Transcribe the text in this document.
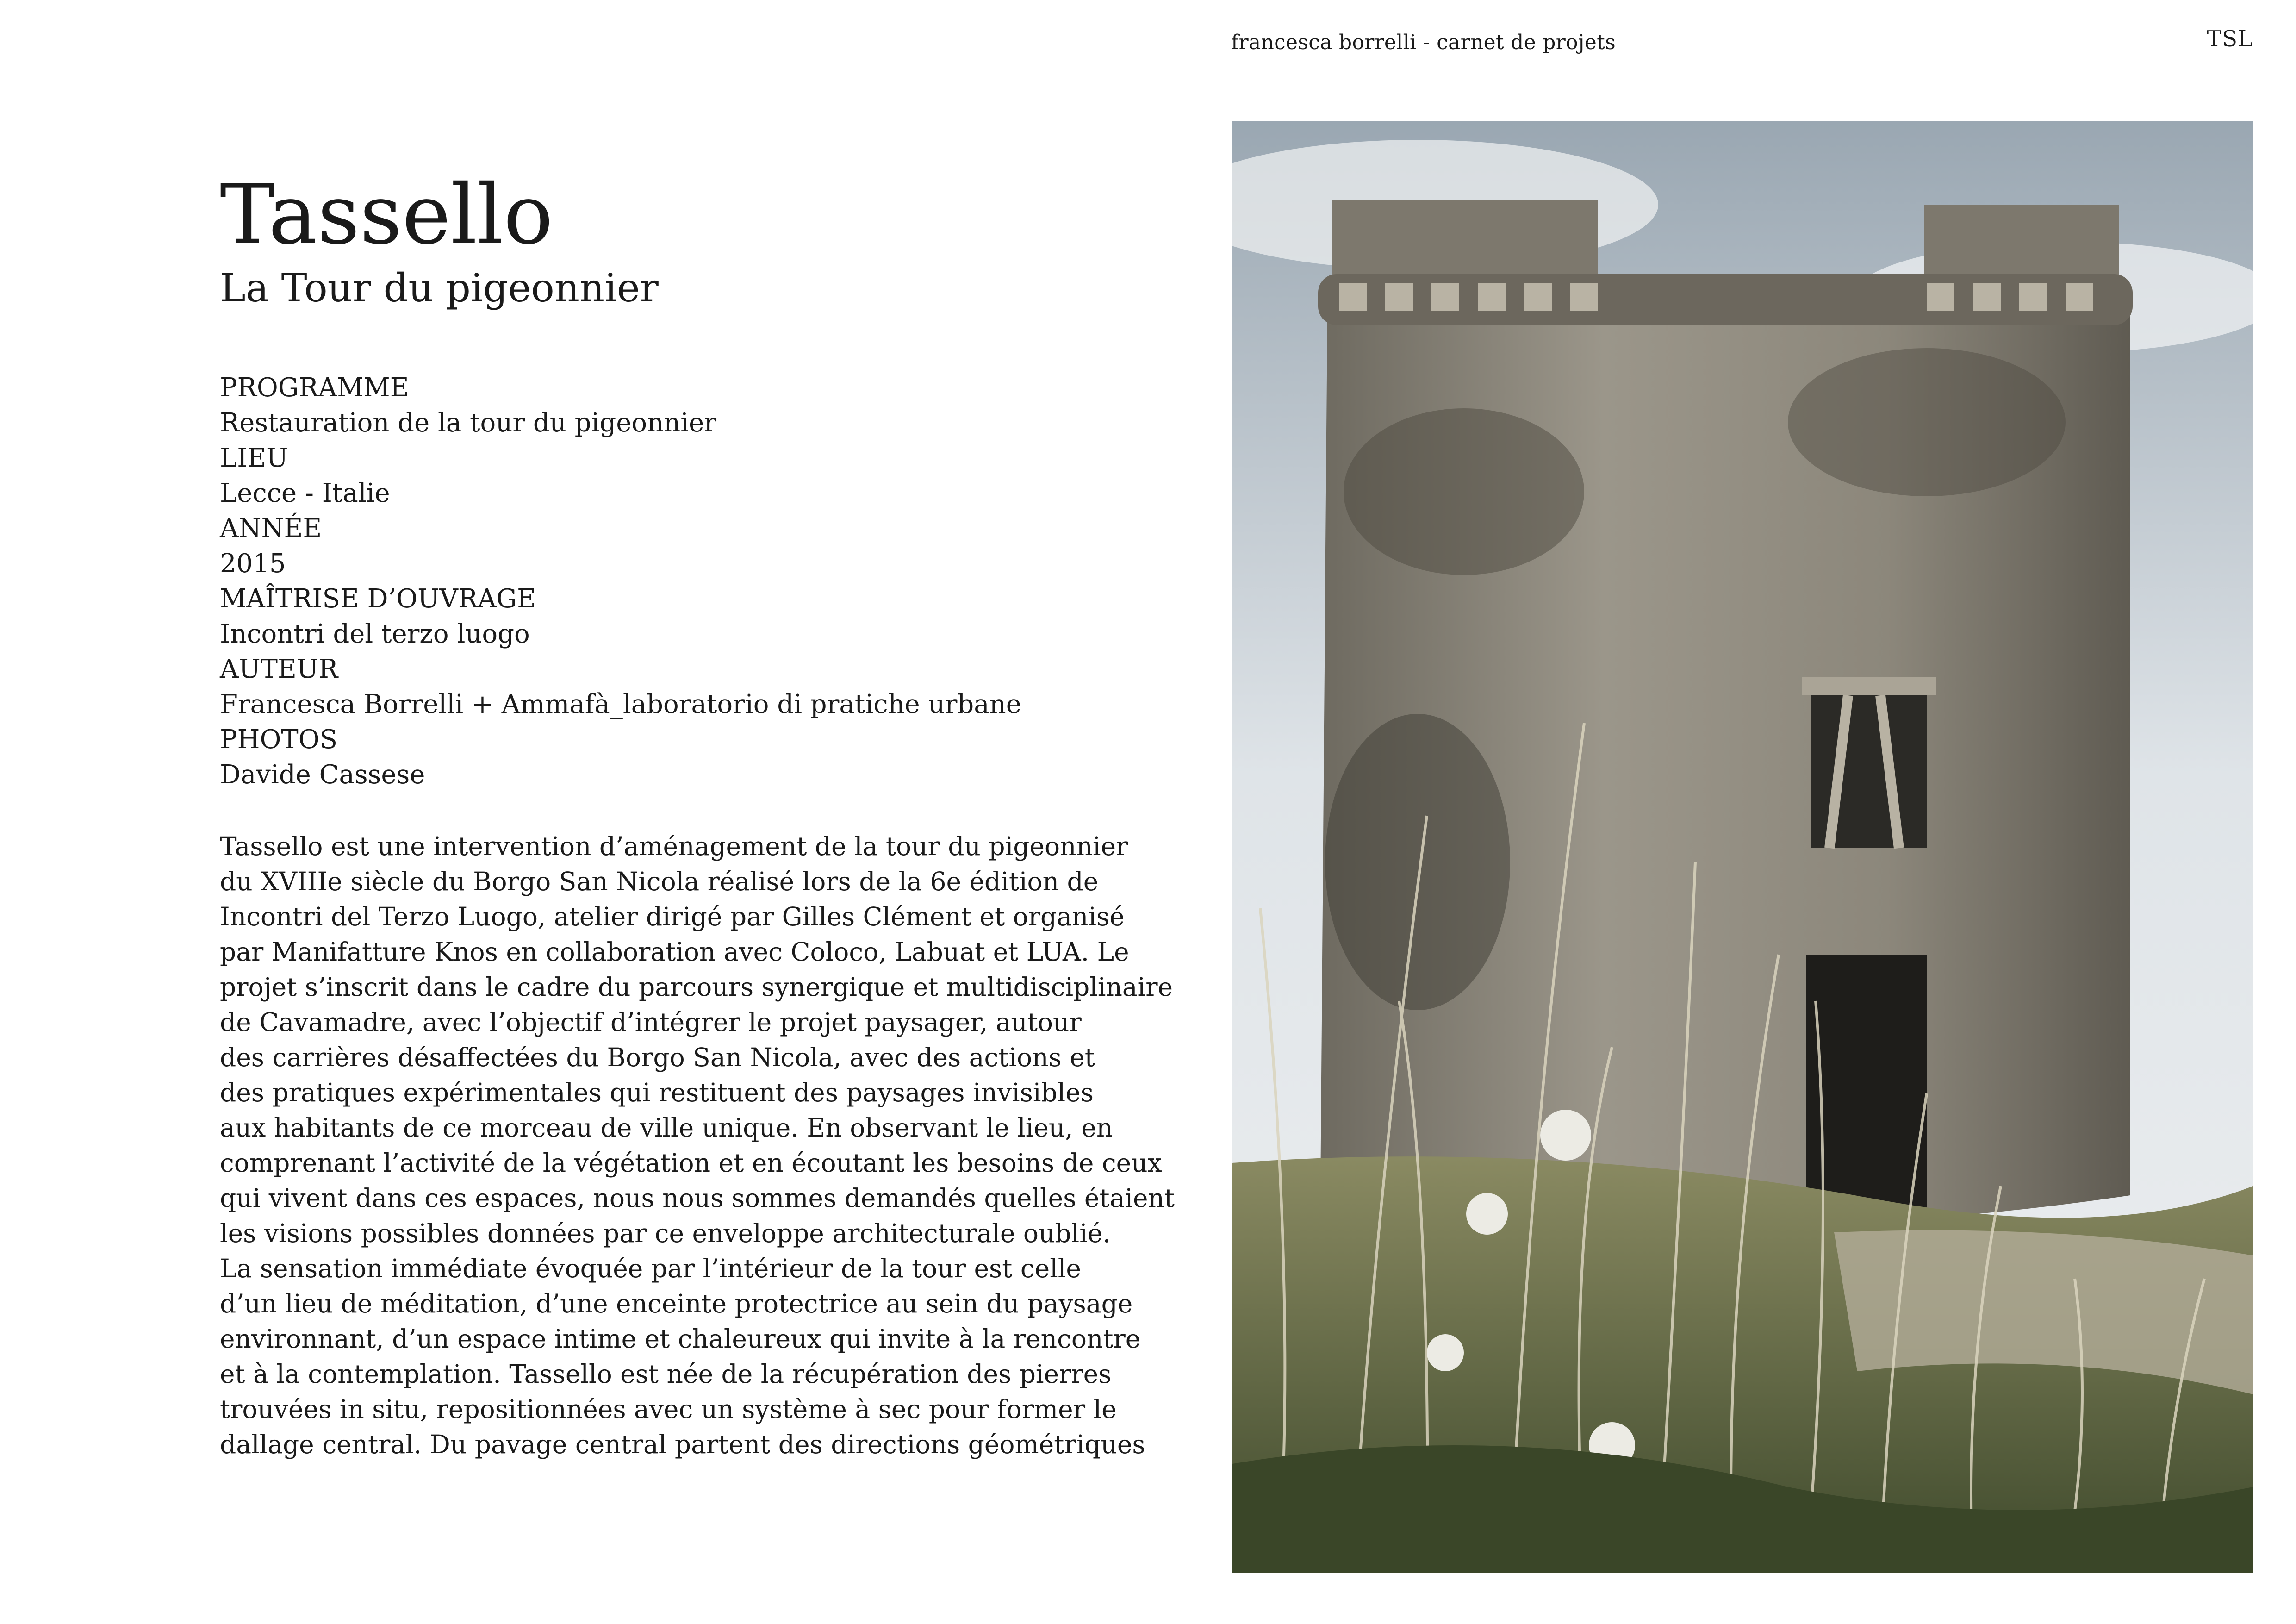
francesca borrelli - carnet de projets	TSL
Tassello
La Tour du pigeonnier
PROGRAMME
Restauration de la tour du pigeonnier
LIEU
Lecce - Italie
ANNÉE
2015
MAÎTRISE D’OUVRAGE
Incontri del terzo luogo
AUTEUR
Francesca Borrelli + Ammafà_laboratorio di pratiche urbane
PHOTOS
Davide Cassese

Tassello est une intervention d’aménagement de la tour du pigeonnier
du XVIIIe siècle du Borgo San Nicola réalisé lors de la 6e édition de
Incontri del Terzo Luogo, atelier dirigé par Gilles Clément et organisé
par Manifatture Knos en collaboration avec Coloco, Labuat et LUA. Le
projet s’inscrit dans le cadre du parcours synergique et multidisciplinaire
de Cavamadre, avec l’objectif d’intégrer le projet paysager, autour
des carrières désaffectées du Borgo San Nicola, avec des actions et
des pratiques expérimentales qui restituent des paysages invisibles
aux habitants de ce morceau de ville unique. En observant le lieu, en
comprenant l’activité de la végétation et en écoutant les besoins de ceux
qui vivent dans ces espaces, nous nous sommes demandés quelles étaient
les visions possibles données par ce enveloppe architecturale oublié.
La sensation immédiate évoquée par l’intérieur de la tour est celle
d’un lieu de méditation, d’une enceinte protectrice au sein du paysage
environnant, d’un espace intime et chaleureux qui invite à la rencontre
et à la contemplation. Tassello est née de la récupération des pierres
trouvées in situ, repositionnées avec un système à sec pour former le
dallage central. Du pavage central partent des directions géométriques
